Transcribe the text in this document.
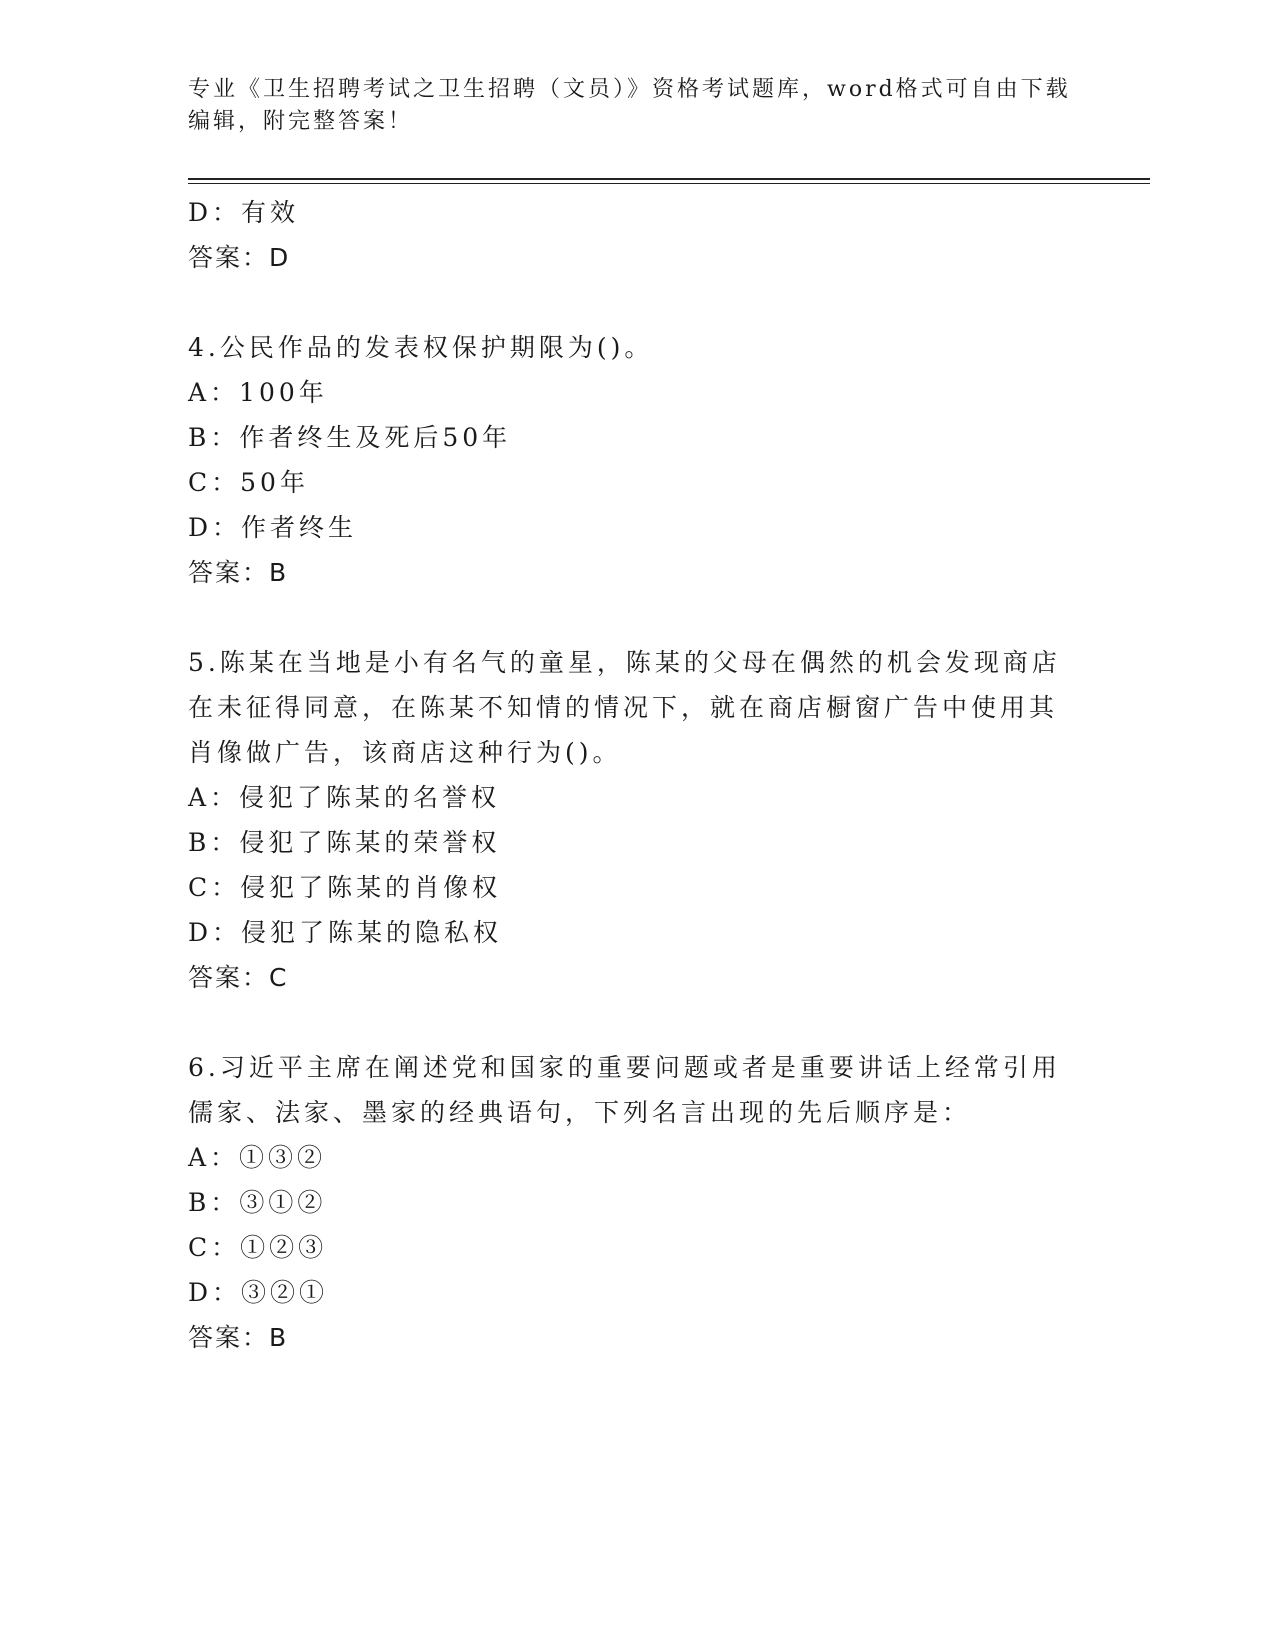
专业《卫生招聘考试之卫生招聘（文员）》资格考试题库，word格式可自由下载编辑，附完整答案！
D：有效
答案：D
4.公民作品的发表权保护期限为()。
A：100年
B：作者终生及死后50年
C：50年
D：作者终生
答案：B
5.陈某在当地是小有名气的童星，陈某的父母在偶然的机会发现商店在未征得同意，在陈某不知情的情况下，就在商店橱窗广告中使用其肖像做广告，该商店这种行为()。
A：侵犯了陈某的名誉权
B：侵犯了陈某的荣誉权
C：侵犯了陈某的肖像权
D：侵犯了陈某的隐私权
答案：C
6.习近平主席在阐述党和国家的重要问题或者是重要讲话上经常引用儒家、法家、墨家的经典语句，下列名言出现的先后顺序是：
A：①③②
B：③①②
C：①②③
D：③②①
答案：B
